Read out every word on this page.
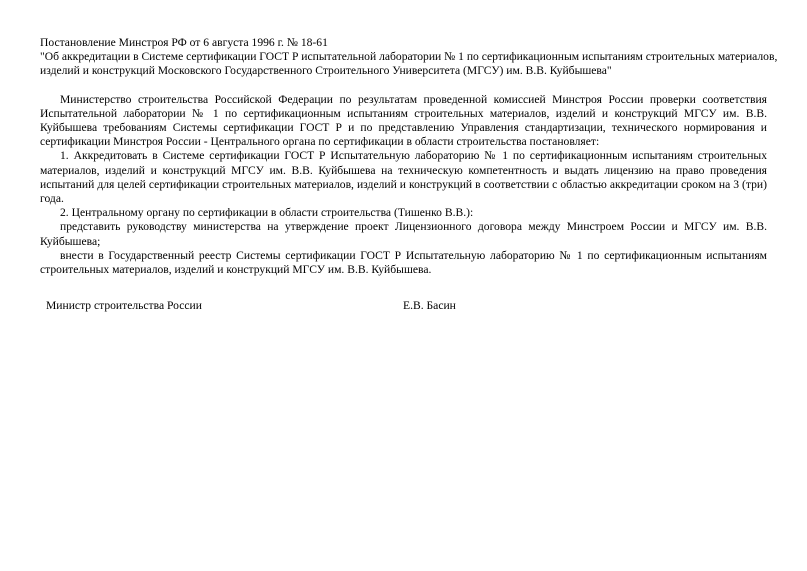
Постановление Минстроя РФ от 6 августа 1996 г. № 18-61

"Об аккредитации в Системе сертификации ГОСТ Р испытательной лаборатории № 1 по сертификационным испытаниям строительных материалов,

изделий и конструкций Московского Государственного Строительного Университета (МГСУ) им. В.В. Куйбышева"

Министерство строительства Российской Федерации по результатам проведенной комиссией Минстроя России проверки соответствия Испытательной лаборатории № 1 по сертификационным испытаниям строительных материалов, изделий и конструкций МГСУ им. В.В. Куйбышева требованиям Системы сертификации ГОСТ Р и по представлению Управления стандартизации, технического нормирования и сертификации Минстроя России - Центрального органа по сертификации в области строительства постановляет:

1. Аккредитовать в Системе сертификации ГОСТ Р Испытательную лабораторию № 1 по сертификационным испытаниям строительных материалов, изделий и конструкций МГСУ им. В.В. Куйбышева на техническую компетентность и выдать лицензию на право проведения испытаний для целей сертификации строительных материалов, изделий и конструкций в соответствии с областью аккредитации сроком на 3 (три) года.

2. Центральному органу по сертификации в области строительства (Тишенко В.В.):

представить руководству министерства на утверждение проект Лицензионного договора между Минстроем России и МГСУ им. В.В. Куйбышева;

внести в Государственный реестр Системы сертификации ГОСТ Р Испытательную лабораторию № 1 по сертификационным испытаниям строительных материалов, изделий и конструкций МГСУ им. В.В. Куйбышева.

Министр строительства России	Е.В. Басин
